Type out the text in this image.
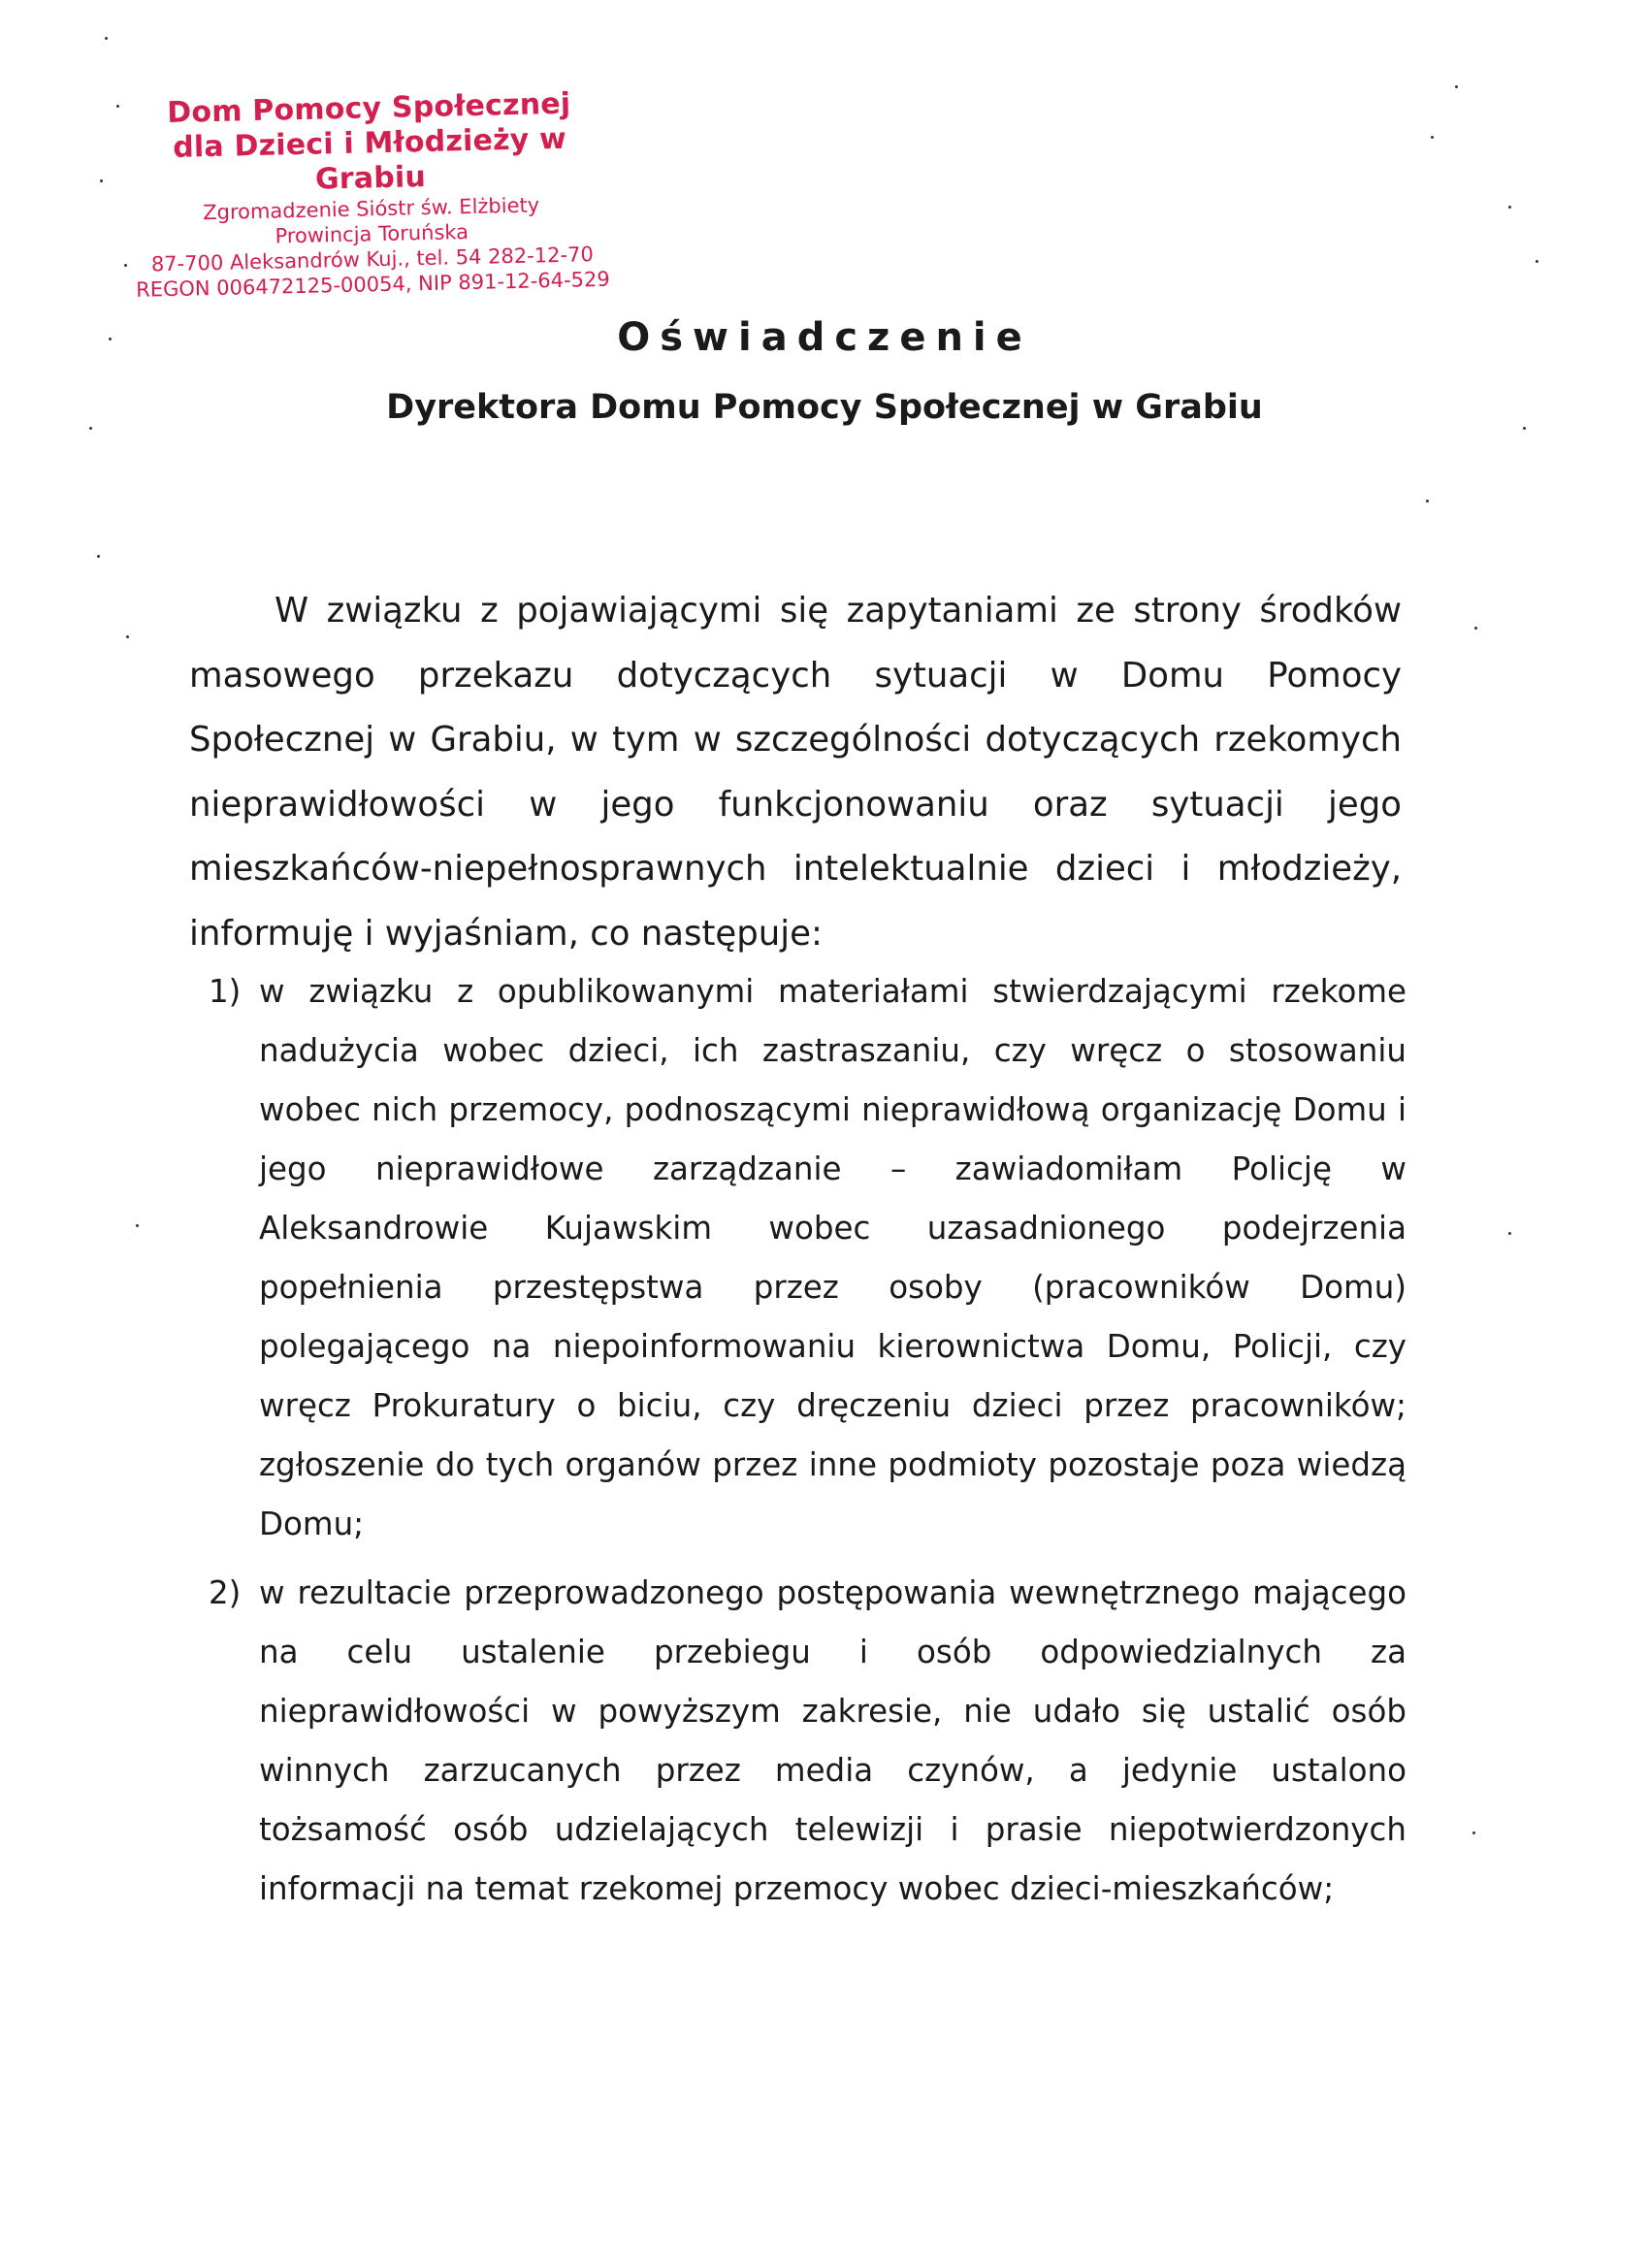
Dom Pomocy Społecznej
dla Dzieci i Młodzieży w Grabiu
Zgromadzenie Sióstr św. Elżbiety
Prowincja Toruńska
87-700 Aleksandrów Kuj., tel. 54 282-12-70
REGON 006472125-00054, NIP 891-12-64-529
Oświadczenie
Dyrektora Domu Pomocy Społecznej w Grabiu

W związku z pojawiającymi się zapytaniami ze strony środków masowego przekazu dotyczących sytuacji w Domu Pomocy Społecznej w Grabiu, w tym w szczególności dotyczących rzekomych nieprawidłowości w jego funkcjonowaniu oraz sytuacji jego mieszkańców-niepełnosprawnych intelektualnie dzieci i młodzieży, informuję i wyjaśniam, co następuje:

1) w związku z opublikowanymi materiałami stwierdzającymi rzekome nadużycia wobec dzieci, ich zastraszaniu, czy wręcz o stosowaniu wobec nich przemocy, podnoszącymi nieprawidłową organizację Domu i jego nieprawidłowe zarządzanie – zawiadomiłam Policję w Aleksandrowie Kujawskim wobec uzasadnionego podejrzenia popełnienia przestępstwa przez osoby (pracowników Domu) polegającego na niepoinformowaniu kierownictwa Domu, Policji, czy wręcz Prokuratury o biciu, czy dręczeniu dzieci przez pracowników; zgłoszenie do tych organów przez inne podmioty pozostaje poza wiedzą Domu;
2) w rezultacie przeprowadzonego postępowania wewnętrznego mającego na celu ustalenie przebiegu i osób odpowiedzialnych za nieprawidłowości w powyższym zakresie, nie udało się ustalić osób winnych zarzucanych przez media czynów, a jedynie ustalono tożsamość osób udzielających telewizji i prasie niepotwierdzonych informacji na temat rzekomej przemocy wobec dzieci-mieszkańców;
